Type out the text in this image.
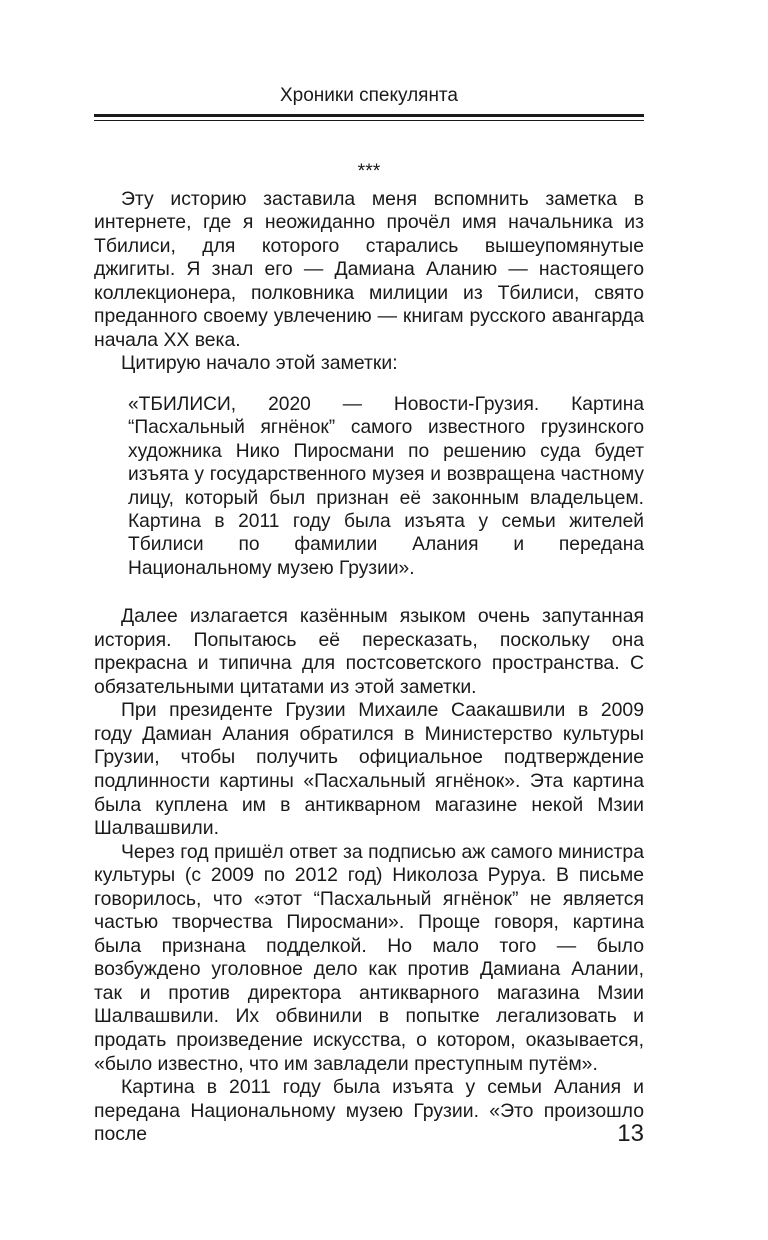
Хроники спекулянта

***

Эту историю заставила меня вспомнить заметка в интернете, где я неожиданно прочёл имя начальника из Тбилиси, для которого старались вышеупомянутые джигиты. Я знал его — Дамиана Аланию — настоящего коллекционера, полковника милиции из Тбилиси, свято преданного своему увлечению — книгам русского авангарда начала XX века.

Цитирую начало этой заметки:

«ТБИЛИСИ, 2020 — Новости-Грузия. Картина “Пасхальный ягнёнок” самого известного грузинского художника Нико Пиросмани по решению суда будет изъята у государственного музея и возвращена частному лицу, который был признан её законным владельцем. Картина в 2011 году была изъята у семьи жителей Тбилиси по фамилии Алания и передана Национальному музею Грузии».

Далее излагается казённым языком очень запутанная история. Попытаюсь её пересказать, поскольку она прекрасна и типична для постсоветского пространства. С обязательными цитатами из этой заметки.

При президенте Грузии Михаиле Саакашвили в 2009 году Дамиан Алания обратился в Министерство культуры Грузии, чтобы получить официальное подтверждение подлинности картины «Пасхальный ягнёнок». Эта картина была куплена им в антикварном магазине некой Мзии Шалвашвили.

Через год пришёл ответ за подписью аж самого министра культуры (с 2009 по 2012 год) Николоза Руруа. В письме говорилось, что «этот “Пасхальный ягнёнок” не является частью творчества Пиросмани». Проще говоря, картина была признана подделкой. Но мало того — было возбуждено уголовное дело как против Дамиана Алании, так и против директора антикварного магазина Мзии Шалвашвили. Их обвинили в попытке легализовать и продать произведение искусства, о котором, оказывается, «было известно, что им завладели преступным путём».

Картина в 2011 году была изъята у семьи Алания и передана Национальному музею Грузии. «Это произошло после	13
